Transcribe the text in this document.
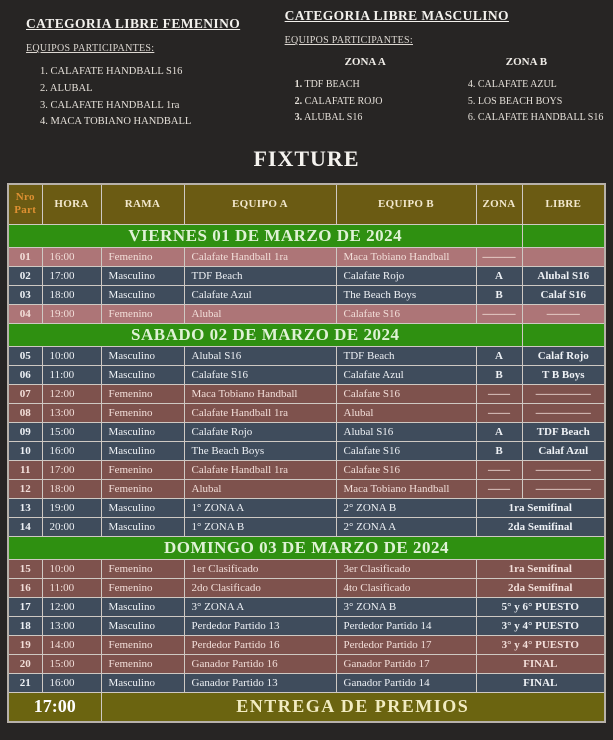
CATEGORIA LIBRE FEMENINO
EQUIPOS PARTICIPANTES:
1. CALAFATE HANDBALL S16
2. ALUBAL
3. CALAFATE HANDBALL 1ra
4. MACA TOBIANO HANDBALL
CATEGORIA LIBRE MASCULINO
EQUIPOS PARTICIPANTES:
ZONA A
1. TDF BEACH
2. CALAFATE ROJO
3. ALUBAL S16
ZONA B
4. CALAFATE AZUL
5. LOS BEACH BOYS
6. CALAFATE HANDBALL S16
FIXTURE
Nro
Part	HORA	RAMA	EQUIPO A	EQUIPO B	ZONA	LIBRE
VIERNES 01 DE MARZO DE 2024						
01	16:00	Femenino	Calafate Handball 1ra	Maca Tobiano Handball	———	
02	17:00	Masculino	TDF Beach	Calafate Rojo	A	Alubal S16
03	18:00	Masculino	Calafate Azul	The Beach Boys	B	Calaf S16
04	19:00	Femenino	Alubal	Calafate S16	———	———
SABADO 02 DE MARZO DE 2024						
05	10:00	Masculino	Alubal S16	TDF Beach	A	Calaf Rojo
06	11:00	Masculino	Calafate S16	Calafate Azul	B	T B Boys
07	12:00	Femenino	Maca Tobiano Handball	Calafate S16	——	—————
08	13:00	Femenino	Calafate Handball 1ra	Alubal	——	—————
09	15:00	Masculino	Calafate Rojo	Alubal S16	A	TDF Beach
10	16:00	Masculino	The Beach Boys	Calafate S16	B	Calaf Azul
11	17:00	Femenino	Calafate Handball 1ra	Calafate S16	——	—————
12	18:00	Femenino	Alubal	Maca Tobiano Handball	——	—————
13	19:00	Masculino	1° ZONA A	2° ZONA B	1ra Semifinal	
14	20:00	Masculino	1° ZONA B	2° ZONA A	2da Semifinal	
DOMINGO 03 DE MARZO DE 2024						
15	10:00	Femenino	1er Clasificado	3er Clasificado	1ra Semifinal	
16	11:00	Femenino	2do Clasificado	4to Clasificado	2da Semifinal	
17	12:00	Masculino	3° ZONA A	3° ZONA B	5° y 6° PUESTO	
18	13:00	Masculino	Perdedor Partido 13	Perdedor Partido 14	3° y 4° PUESTO	
19	14:00	Femenino	Perdedor Partido 16	Perdedor Partido 17	3° y 4° PUESTO	
20	15:00	Femenino	Ganador Partido 16	Ganador Partido 17	FINAL	
21	16:00	Masculino	Ganador Partido 13	Ganador Partido 14	FINAL	
17:00		ENTREGA DE PREMIOS				
